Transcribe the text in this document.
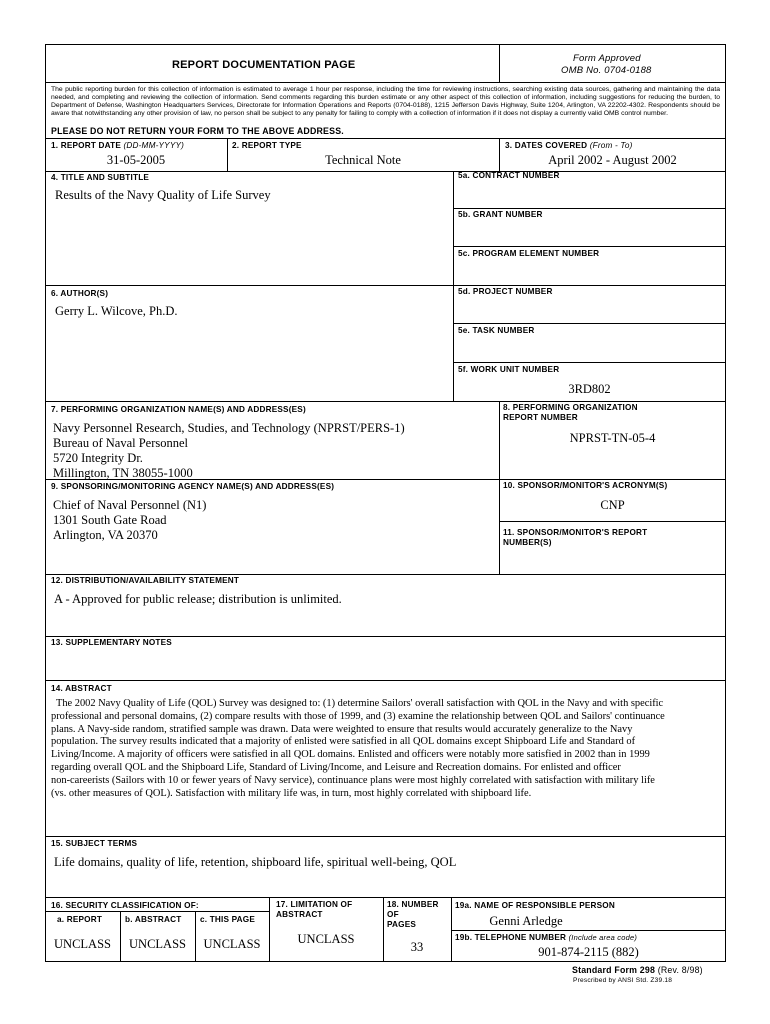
REPORT DOCUMENTATION PAGE
Form Approved
OMB No. 0704-0188
The public reporting burden for this collection of information is estimated to average 1 hour per response, including the time for reviewing instructions, searching existing data sources, gathering and maintaining the data needed, and completing and reviewing the collection of information. Send comments regarding this burden estimate or any other aspect of this collection of information, including suggestions for reducing the burden, to Department of Defense, Washington Headquarters Services, Directorate for Information Operations and Reports (0704-0188), 1215 Jefferson Davis Highway, Suite 1204, Arlington, VA 22202-4302. Respondents should be aware that notwithstanding any other provision of law, no person shall be subject to any penalty for failing to comply with a collection of information if it does not display a currently valid OMB control number.
PLEASE DO NOT RETURN YOUR FORM TO THE ABOVE ADDRESS.
1. REPORT DATE (DD-MM-YYYY)
31-05-2005
2. REPORT TYPE
Technical Note
3. DATES COVERED (From - To)
April 2002 - August 2002
4. TITLE AND SUBTITLE
Results of the Navy Quality of Life Survey
5a. CONTRACT NUMBER
5b. GRANT NUMBER
5c. PROGRAM ELEMENT NUMBER
6. AUTHOR(S)
Gerry L. Wilcove, Ph.D.
5d. PROJECT NUMBER
5e. TASK NUMBER
5f. WORK UNIT NUMBER
3RD802
7. PERFORMING ORGANIZATION NAME(S) AND ADDRESS(ES)
Navy Personnel Research, Studies, and Technology (NPRST/PERS-1)
Bureau of Naval Personnel
5720 Integrity Dr.
Millington, TN 38055-1000
8. PERFORMING ORGANIZATION
REPORT NUMBER
NPRST-TN-05-4
9. SPONSORING/MONITORING AGENCY NAME(S) AND ADDRESS(ES)
Chief of Naval Personnel (N1)
1301 South Gate Road
Arlington, VA 20370
10. SPONSOR/MONITOR'S ACRONYM(S)
CNP
11. SPONSOR/MONITOR'S REPORT
NUMBER(S)
12. DISTRIBUTION/AVAILABILITY STATEMENT
A - Approved for public release; distribution is unlimited.
13. SUPPLEMENTARY NOTES
14. ABSTRACT
The 2002 Navy Quality of Life (QOL) Survey was designed to: (1) determine Sailors' overall satisfaction with QOL in the Navy and with specific
professional and personal domains, (2) compare results with those of 1999, and (3) examine the relationship between QOL and Sailors' continuance
plans. A Navy-side random, stratified sample was drawn. Data were weighted to ensure that results would accurately generalize to the Navy
population. The survey results indicated that a majority of enlisted were satisfied in all QOL domains except Shipboard Life and Standard of
Living/Income. A majority of officers were satisfied in all QOL domains. Enlisted and officers were notably more satisfied in 2002 than in 1999
regarding overall QOL and the Shipboard Life, Standard of Living/Income, and Leisure and Recreation domains. For enlisted and officer
non-careerists (Sailors with 10 or fewer years of Navy service), continuance plans were most highly correlated with satisfaction with military life
(vs. other measures of QOL). Satisfaction with military life was, in turn, most highly correlated with shipboard life.
15. SUBJECT TERMS
Life domains, quality of life, retention, shipboard life, spiritual well-being, QOL
16. SECURITY CLASSIFICATION OF:
a. REPORT	b. ABSTRACT c. THIS PAGE
UNCLASS	UNCLASS	UNCLASS
17. LIMITATION OF
ABSTRACT
UNCLASS
18. NUMBER
OF
PAGES
33
19a. NAME OF RESPONSIBLE PERSON
Genni Arledge
19b. TELEPHONE NUMBER (Include area code)
901-874-2115 (882)
Standard Form 298 (Rev. 8/98)
Prescribed by ANSI Std. Z39.18
